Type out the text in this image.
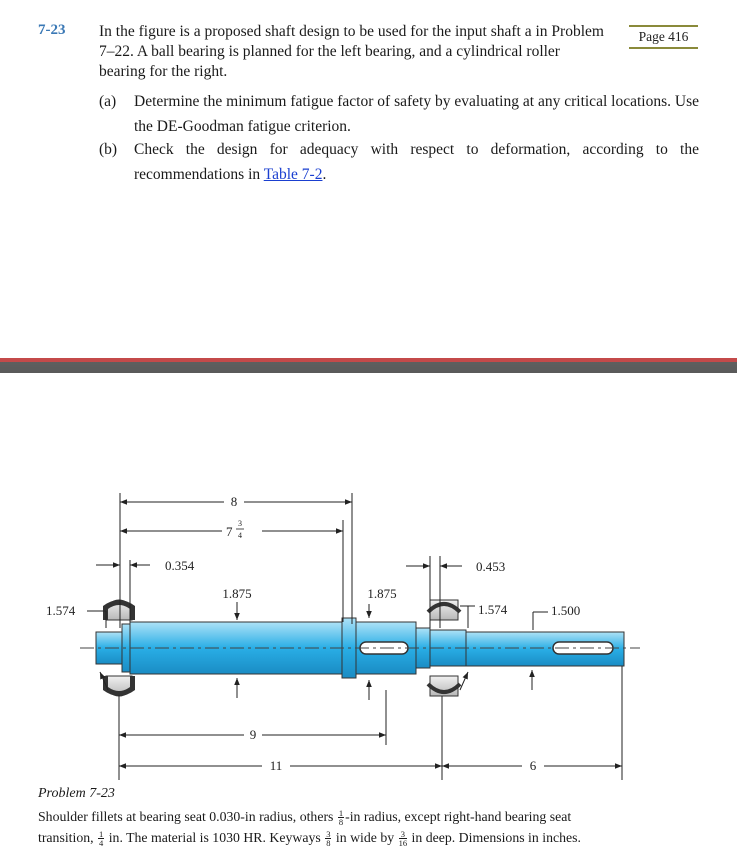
7-23 In the figure is a proposed shaft design to be used for the input shaft a in Problem 7–22. A ball bearing is planned for the left bearing, and a cylindrical roller bearing for the right.
Page 416
(a) Determine the minimum fatigue factor of safety by evaluating at any critical locations. Use the DE-Goodman fatigue criterion.
(b) Check the design for adequacy with respect to deformation, according to the recommendations in Table 7-2.
8
7
3
4
0.354	0.453
1.574
1.875	1.875
1.574	1.500
9
11	6
Problem 7-23
Shoulder fillets at bearing seat 0.030-in radius, others $\frac{1}{8} -in$ radius, except right-hand bearing seat
transition, $\frac{1}{4}$ in. The material is 1030 HR. Keyways $\frac{3}{8}$ in wide by $\frac{3}{16}$ in deep. Dimensions in inches.
